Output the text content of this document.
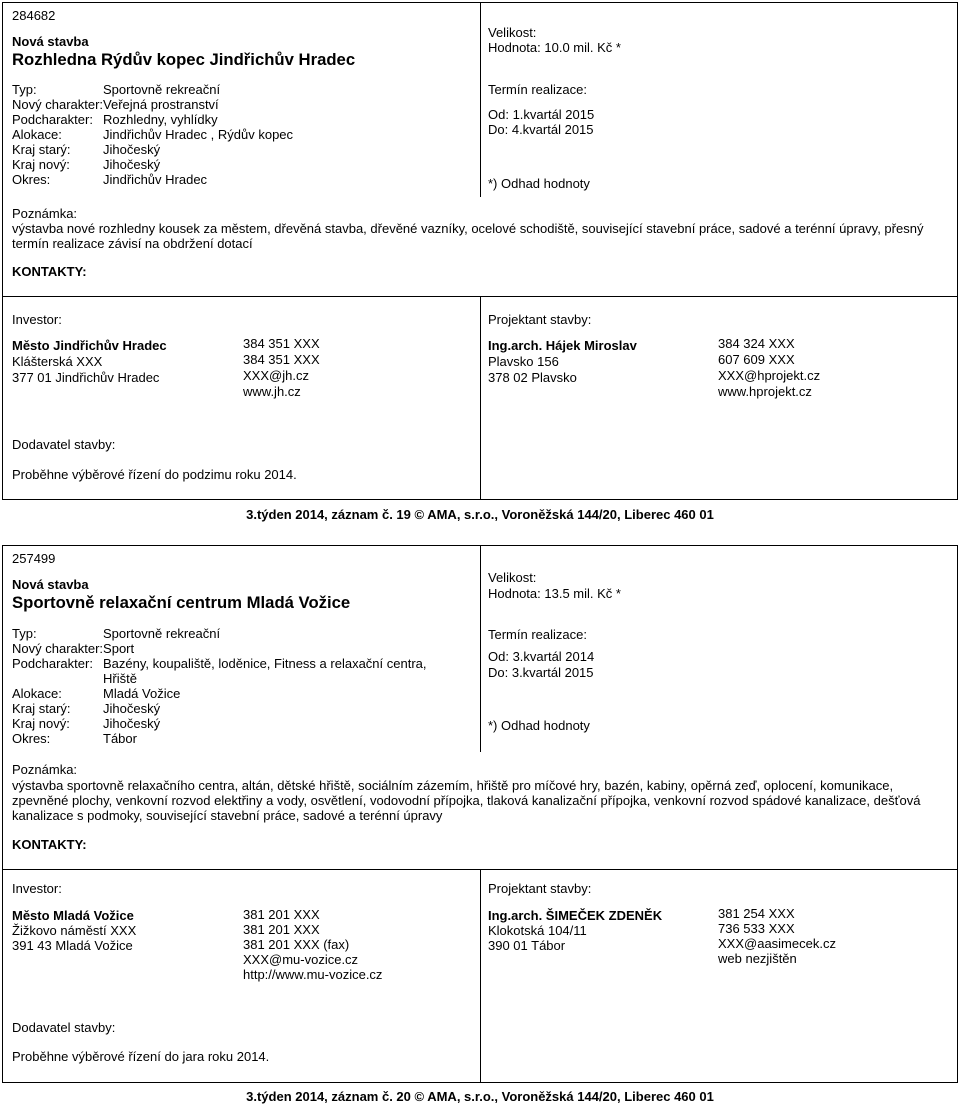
284682
Nová stavba
Rozhledna Rýdův kopec Jindřichův Hradec
Typ:	Sportovně rekreační
Nový charakter: Veřejná prostranství
Podcharakter: Rozhledny, vyhlídky
Alokace:	Jindřichův Hradec , Rýdův kopec
Kraj starý:	Jihočeský
Kraj nový:	Jihočeský
Okres:	Jindřichův Hradec
Velikost:
Hodnota: 10.0 mil. Kč *
Termín realizace:
Od: 1.kvartál 2015
Do: 4.kvartál 2015
*) Odhad hodnoty
Poznámka:
výstavba nové rozhledny kousek za městem, dřevěná stavba, dřevěné vazníky, ocelové schodiště, související stavební práce, sadové a terénní úpravy, přesný termín realizace závisí na obdržení dotací
KONTAKTY:
Investor:
Město Jindřichův Hradec
Klášterská XXX
377 01 Jindřichův Hradec
384 351 XXX
384 351 XXX
XXX@jh.cz
www.jh.cz
Projektant stavby:
Ing.arch. Hájek Miroslav
Plavsko 156
378 02 Plavsko
384 324 XXX
607 609 XXX
XXX@hprojekt.cz
www.hprojekt.cz
Dodavatel stavby:
Proběhne výběrové řízení do podzimu roku 2014.
3.týden 2014, záznam č. 19 © AMA, s.r.o., Voroněžská 144/20, Liberec 460 01
257499
Nová stavba
Sportovně relaxační centrum Mladá Vožice
Typ:	Sportovně rekreační
Nový charakter: Sport
Podcharakter: Bazény, koupaliště, loděnice, Fitness a relaxační centra, Hřiště
Alokace:	Mladá Vožice
Kraj starý:	Jihočeský
Kraj nový:	Jihočeský
Okres:	Tábor
Velikost:
Hodnota: 13.5 mil. Kč *
Termín realizace:
Od: 3.kvartál 2014
Do: 3.kvartál 2015
*) Odhad hodnoty
Poznámka:
výstavba sportovně relaxačního centra, altán, dětské hřiště, sociálním zázemím, hřiště pro míčové hry, bazén, kabiny, opěrná zeď, oplocení, komunikace, zpevněné plochy, venkovní rozvod elektřiny a vody, osvětlení, vodovodní přípojka, tlaková kanalizační přípojka, venkovní rozvod spádové kanalizace, dešťová kanalizace s podmoky, související stavební práce, sadové a terénní úpravy
KONTAKTY:
Investor:
Město Mladá Vožice
Žižkovo náměstí XXX
391 43 Mladá Vožice
381 201 XXX
381 201 XXX
381 201 XXX (fax)
XXX@mu-vozice.cz
http://www.mu-vozice.cz
Projektant stavby:
Ing.arch. ŠIMEČEK ZDENĚK
Klokotská 104/11
390 01 Tábor
381 254 XXX
736 533 XXX
XXX@aasimecek.cz
web nezjištěn
Dodavatel stavby:
Proběhne výběrové řízení do jara roku 2014.
3.týden 2014, záznam č. 20 © AMA, s.r.o., Voroněžská 144/20, Liberec 460 01
